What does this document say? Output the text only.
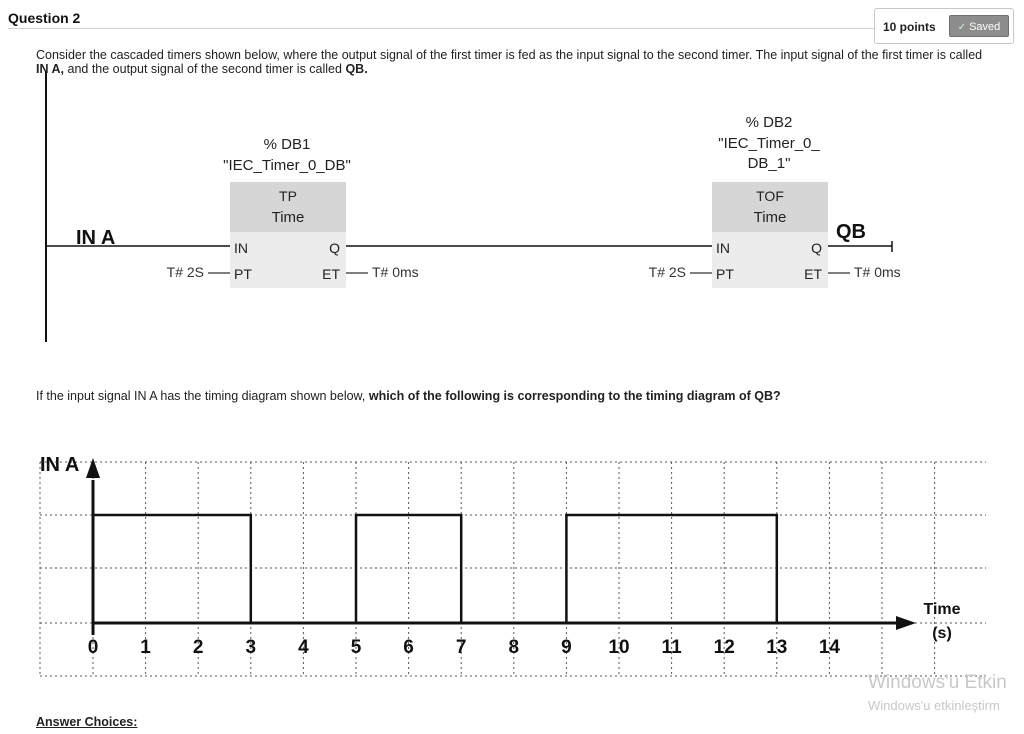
Question 2
10 points	✓ Saved
Consider the cascaded timers shown below, where the output signal of the first timer is fed as the input signal to the second timer. The input signal of the first timer is called IN A, and the output signal of the second timer is called QB.
IN A	QB
% DB1
"IEC_Timer_0_DB"
TP
Time
IN	Q
PT	ET
T# 2S	T# 0ms
% DB2
"IEC_Timer_0_
DB_1"
TOF
Time
IN	Q
PT	ET
T# 2S	T# 0ms
If the input signal IN A has the timing diagram shown below, which of the following is corresponding to the timing diagram of QB?
IN A
Time
(s)
0 1 2 3 4 5 6 7 8 9 10 11 12 13 14
Answer Choices:
Windows'u Etkin
Windows'u etkinleştirm
